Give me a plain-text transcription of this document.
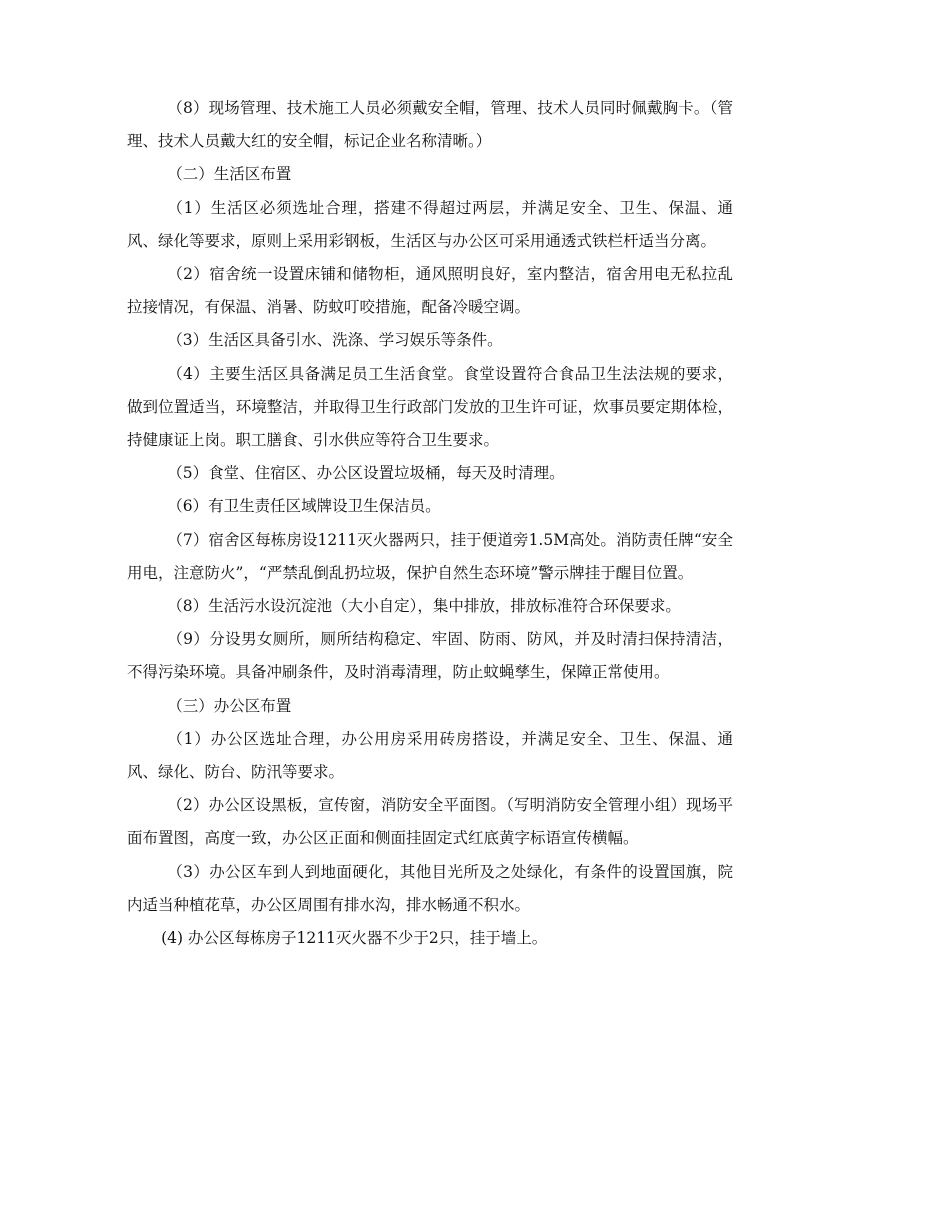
（8）现场管理、技术施工人员必须戴安全帽，管理、技术人员同时佩戴胸卡。（管理、技术人员戴大红的安全帽，标记企业名称清晰。）

（二）生活区布置

（1）生活区必须选址合理，搭建不得超过两层，并满足安全、卫生、保温、通风、绿化等要求，原则上采用彩钢板，生活区与办公区可采用通透式铁栏杆适当分离。

（2）宿舍统一设置床铺和储物柜，通风照明良好，室内整洁，宿舍用电无私拉乱拉接情况，有保温、消暑、防蚊叮咬措施，配备冷暖空调。

（3）生活区具备引水、洗涤、学习娱乐等条件。

（4）主要生活区具备满足员工生活食堂。食堂设置符合食品卫生法法规的要求，做到位置适当，环境整洁，并取得卫生行政部门发放的卫生许可证，炊事员要定期体检，持健康证上岗。职工膳食、引水供应等符合卫生要求。

（5）食堂、住宿区、办公区设置垃圾桶，每天及时清理。

（6）有卫生责任区域牌设卫生保洁员。

（7）宿舍区每栋房设1211灭火器两只，挂于便道旁1.5M高处。消防责任牌“安全用电，注意防火”，“严禁乱倒乱扔垃圾，保护自然生态环境”警示牌挂于醒目位置。

（8）生活污水设沉淀池（大小自定），集中排放，排放标准符合环保要求。

（9）分设男女厕所，厕所结构稳定、牢固、防雨、防风，并及时清扫保持清洁，不得污染环境。具备冲刷条件，及时消毒清理，防止蚊蝇孳生，保障正常使用。

（三）办公区布置

（1）办公区选址合理，办公用房采用砖房搭设，并满足安全、卫生、保温、通风、绿化、防台、防汛等要求。

（2）办公区设黑板，宣传窗，消防安全平面图。（写明消防安全管理小组）现场平面布置图，高度一致，办公区正面和侧面挂固定式红底黄字标语宣传横幅。

（3）办公区车到人到地面硬化，其他目光所及之处绿化，有条件的设置国旗，院内适当种植花草，办公区周围有排水沟，排水畅通不积水。

(4) 办公区每栋房子1211灭火器不少于2只，挂于墙上。
